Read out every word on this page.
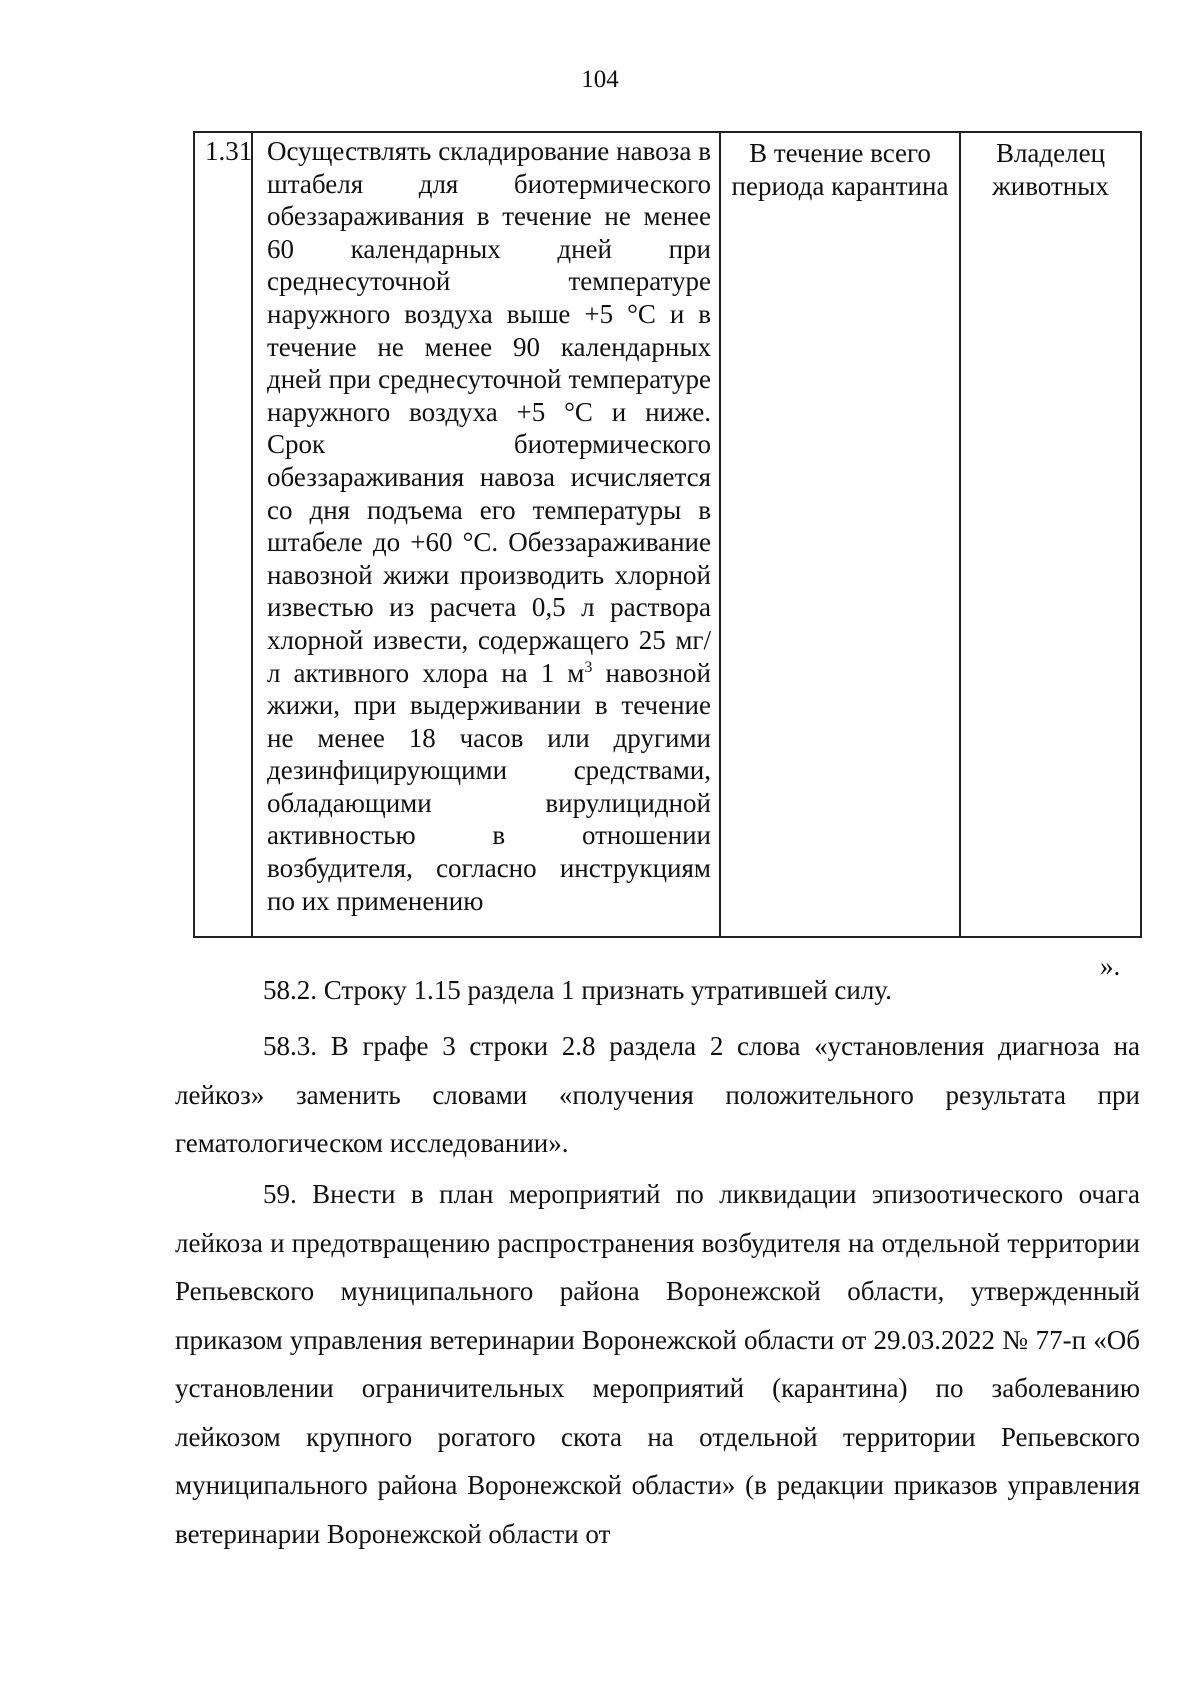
104
1.31	Осуществлять складирование навоза в штабеля для биотермического обеззараживания в течение не менее 60 календарных дней при среднесуточной температуре наружного воздуха выше +5 °С и в течение не менее 90 календарных дней при среднесуточной температуре наружного воздуха +5 °С и ниже. Срок биотермического обеззараживания навоза исчисляется со дня подъема его температуры в штабеле до +60 °С. Обеззараживание навозной жижи производить хлорной известью из расчета 0,5 л раствора хлорной извести, содержащего 25 мг/л активного хлора на 1 $м^3$ навозной жижи, при выдерживании в течение не менее 18 часов или другими дезинфицирующими средствами, обладающими вирулицидной активностью в отношении возбудителя, согласно инструкциям по их применению	В течение всего периода карантина	Владелец животных
».

58.2. Строку 1.15 раздела 1 признать утратившей силу.

58.3. В графе 3 строки 2.8 раздела 2 слова «установления диагноза на лейкоз» заменить словами «получения положительного результата при гематологическом исследовании».

59. Внести в план мероприятий по ликвидации эпизоотического очага лейкоза и предотвращению распространения возбудителя на отдельной территории Репьевского муниципального района Воронежской области, утвержденный приказом управления ветеринарии Воронежской области от 29.03.2022 № 77-п «Об установлении ограничительных мероприятий (карантина) по заболеванию лейкозом крупного рогатого скота на отдельной территории Репьевского муниципального района Воронежской области» (в редакции приказов управления ветеринарии Воронежской области от
